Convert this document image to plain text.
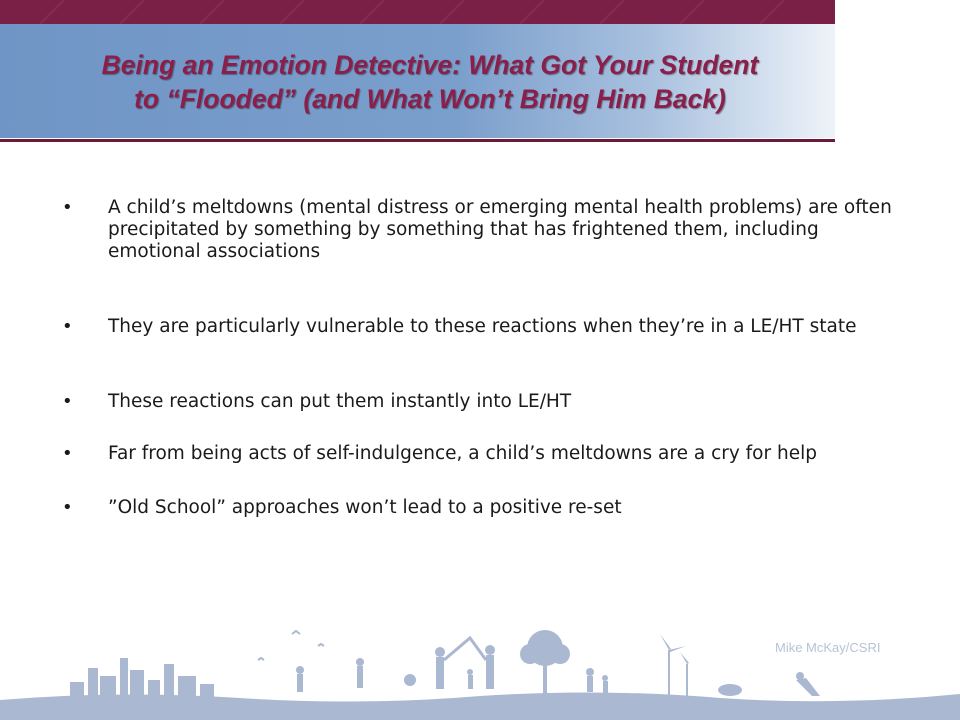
Being an Emotion Detective: What Got Your Student
to “Flooded” (and What Won’t Bring Him Back)
• A child’s meltdowns (mental distress or emerging mental health problems) are often precipitated by something by something that has frightened them, including emotional associations
• They are particularly vulnerable to these reactions when they’re in a LE/HT state
• These reactions can put them instantly into LE/HT
• Far from being acts of self-indulgence, a child’s meltdowns are a cry for help
• ”Old School” approaches won’t lead to a positive re-set
Mike McKay/CSRI
